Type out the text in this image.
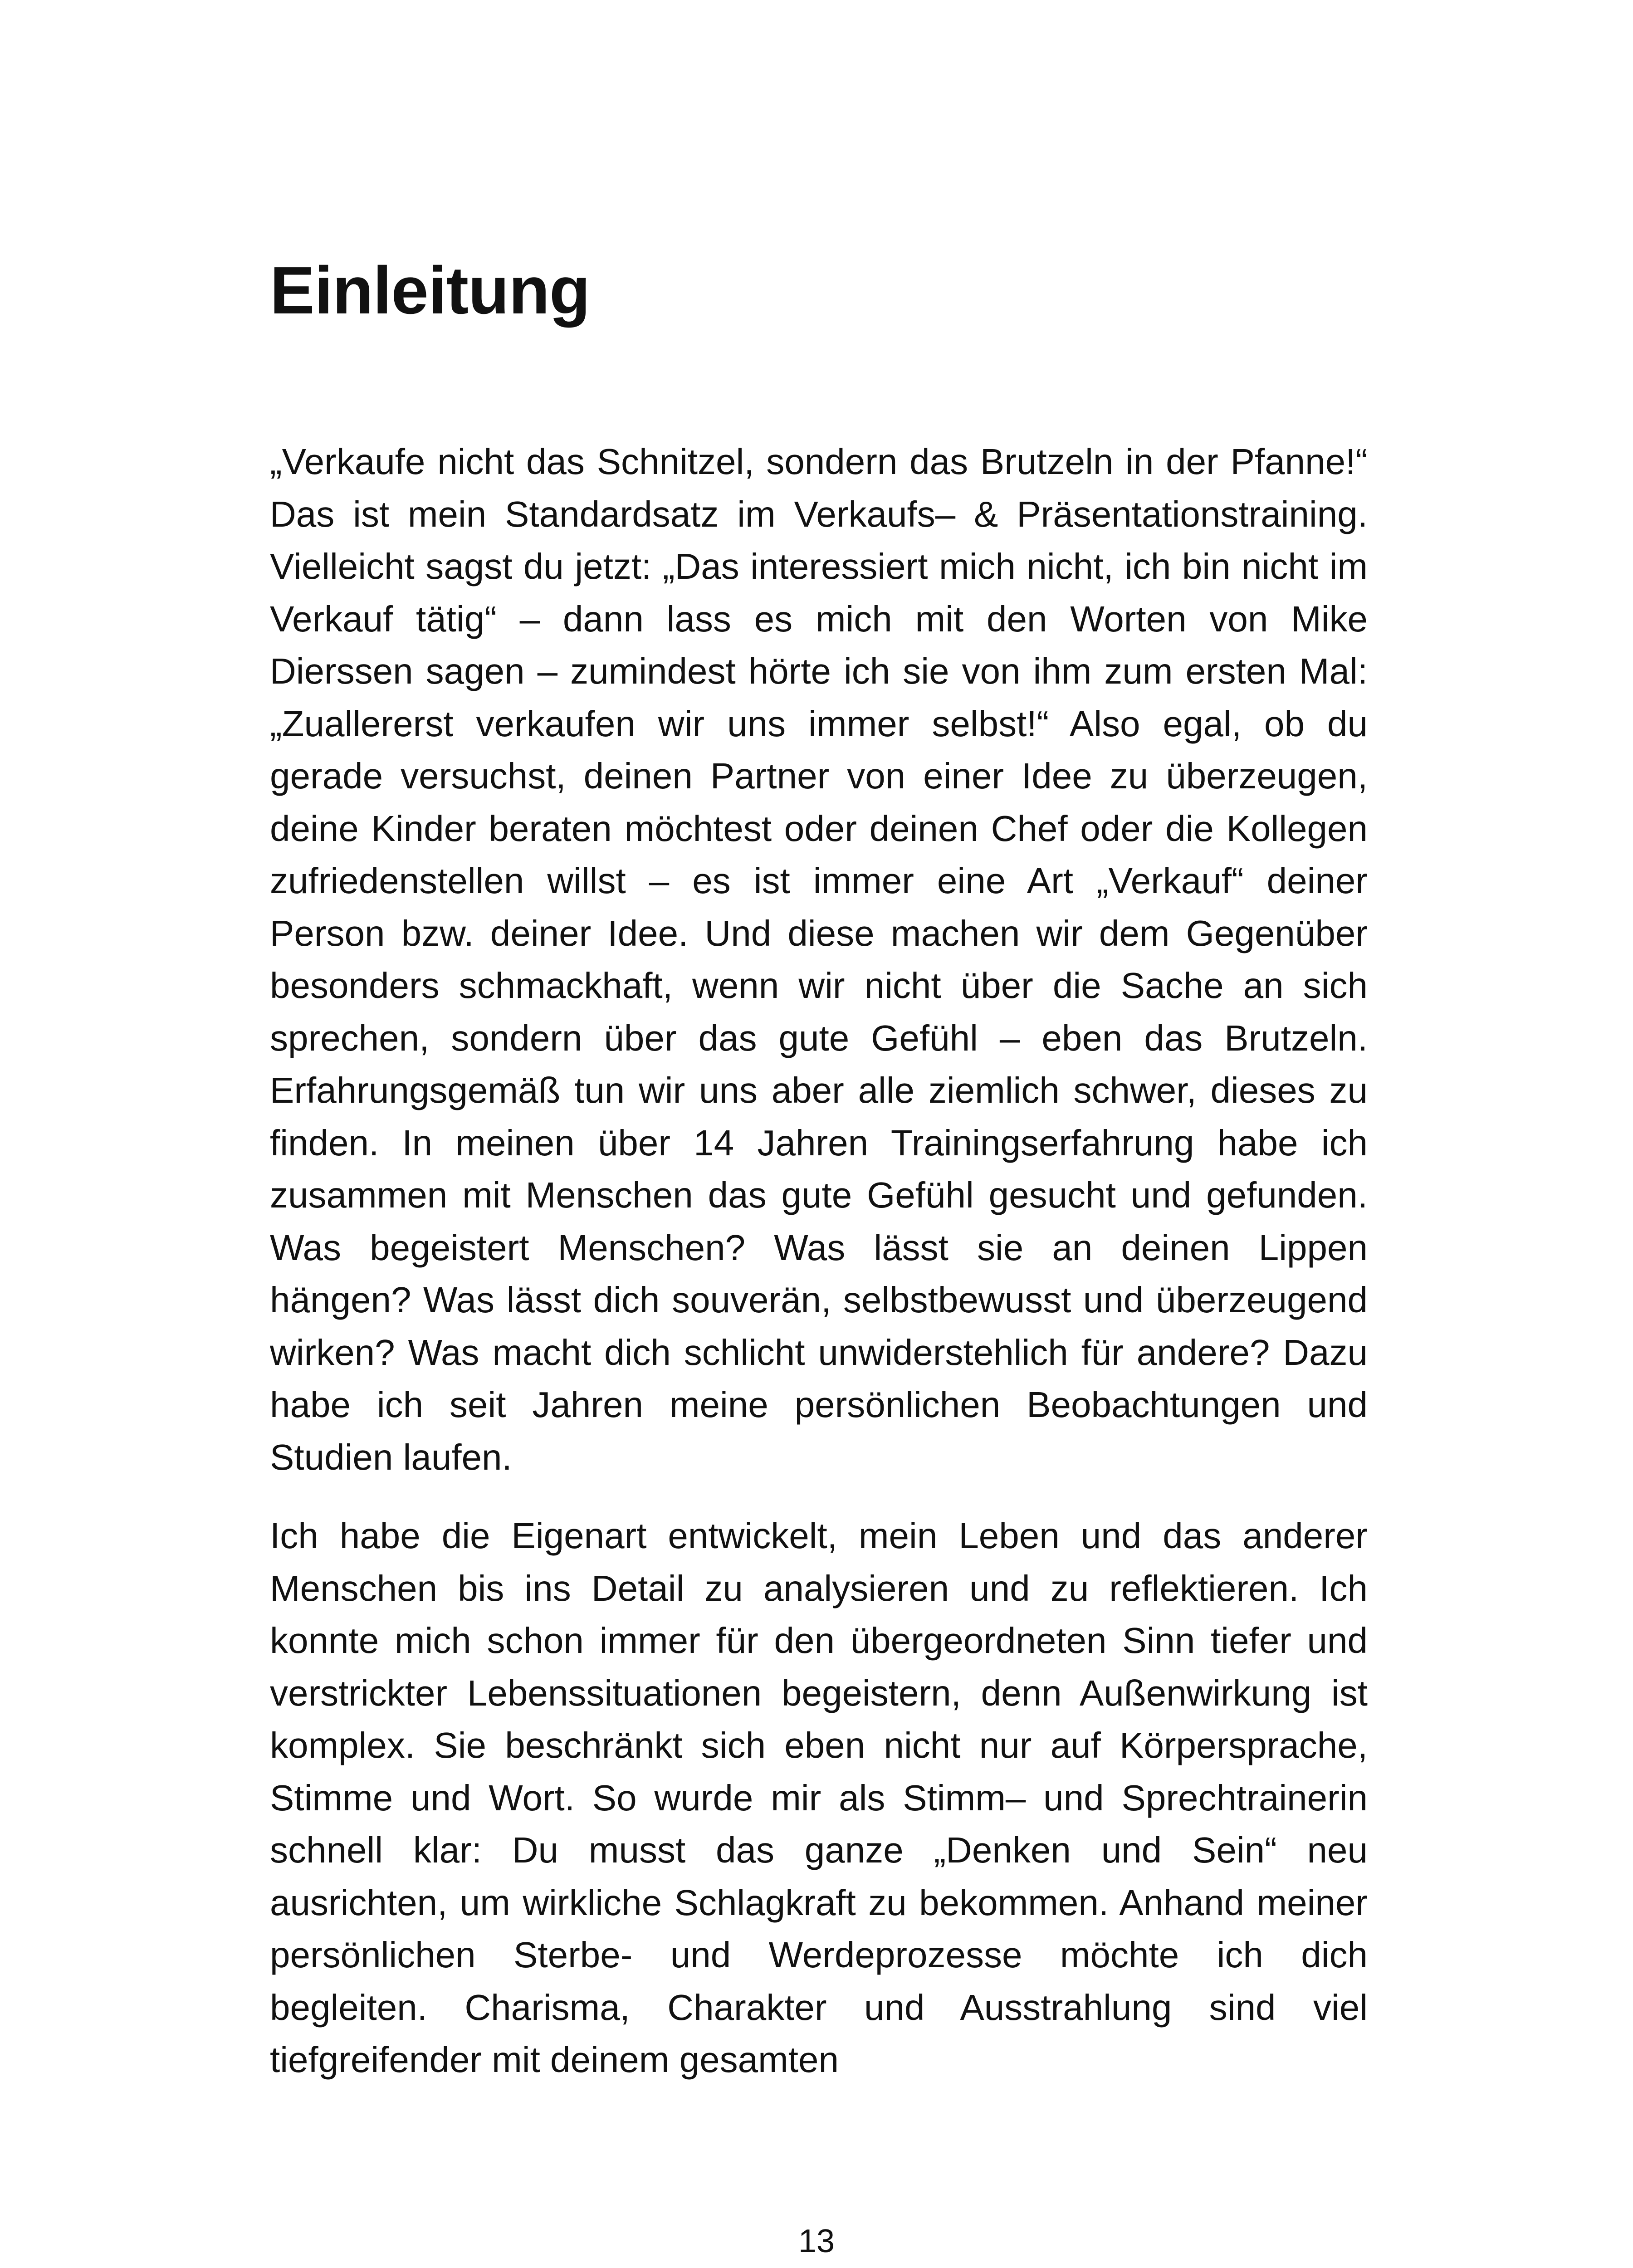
Einleitung

„Verkaufe nicht das Schnitzel, sondern das Brutzeln in der Pfanne!“ Das ist mein Standardsatz im Verkaufs– & Präsentationstraining. Vielleicht sagst du jetzt: „Das interessiert mich nicht, ich bin nicht im Verkauf tätig“ – dann lass es mich mit den Worten von Mike Dierssen sagen – zumindest hörte ich sie von ihm zum ersten Mal: „Zuallererst verkaufen wir uns immer selbst!“ Also egal, ob du gerade versuchst, deinen Partner von einer Idee zu überzeugen, deine Kinder beraten möchtest oder deinen Chef oder die Kollegen zufriedenstellen willst – es ist immer eine Art „Verkauf“ deiner Person bzw. deiner Idee. Und diese machen wir dem Gegenüber besonders schmackhaft, wenn wir nicht über die Sache an sich sprechen, sondern über das gute Gefühl – eben das Brutzeln. Erfahrungsgemäß tun wir uns aber alle ziemlich schwer, dieses zu finden. In meinen über 14 Jahren Trainingserfahrung habe ich zusammen mit Menschen das gute Gefühl gesucht und gefunden. Was begeistert Menschen? Was lässt sie an deinen Lippen hängen? Was lässt dich souverän, selbstbewusst und überzeugend wirken? Was macht dich schlicht unwiderstehlich für andere? Dazu habe ich seit Jahren meine persönlichen Beobachtungen und Studien laufen.

Ich habe die Eigenart entwickelt, mein Leben und das anderer Menschen bis ins Detail zu analysieren und zu reflektieren. Ich konnte mich schon immer für den übergeordneten Sinn tiefer und verstrickter Lebenssituationen begeistern, denn Außenwirkung ist komplex. Sie beschränkt sich eben nicht nur auf Körpersprache, Stimme und Wort. So wurde mir als Stimm– und Sprechtrainerin schnell klar: Du musst das ganze „Denken und Sein“ neu ausrichten, um wirkliche Schlagkraft zu bekommen. Anhand meiner persönlichen Sterbe- und Werdeprozesse möchte ich dich begleiten. Charisma, Charakter und Ausstrahlung sind viel tiefgreifender mit deinem gesamten

13
